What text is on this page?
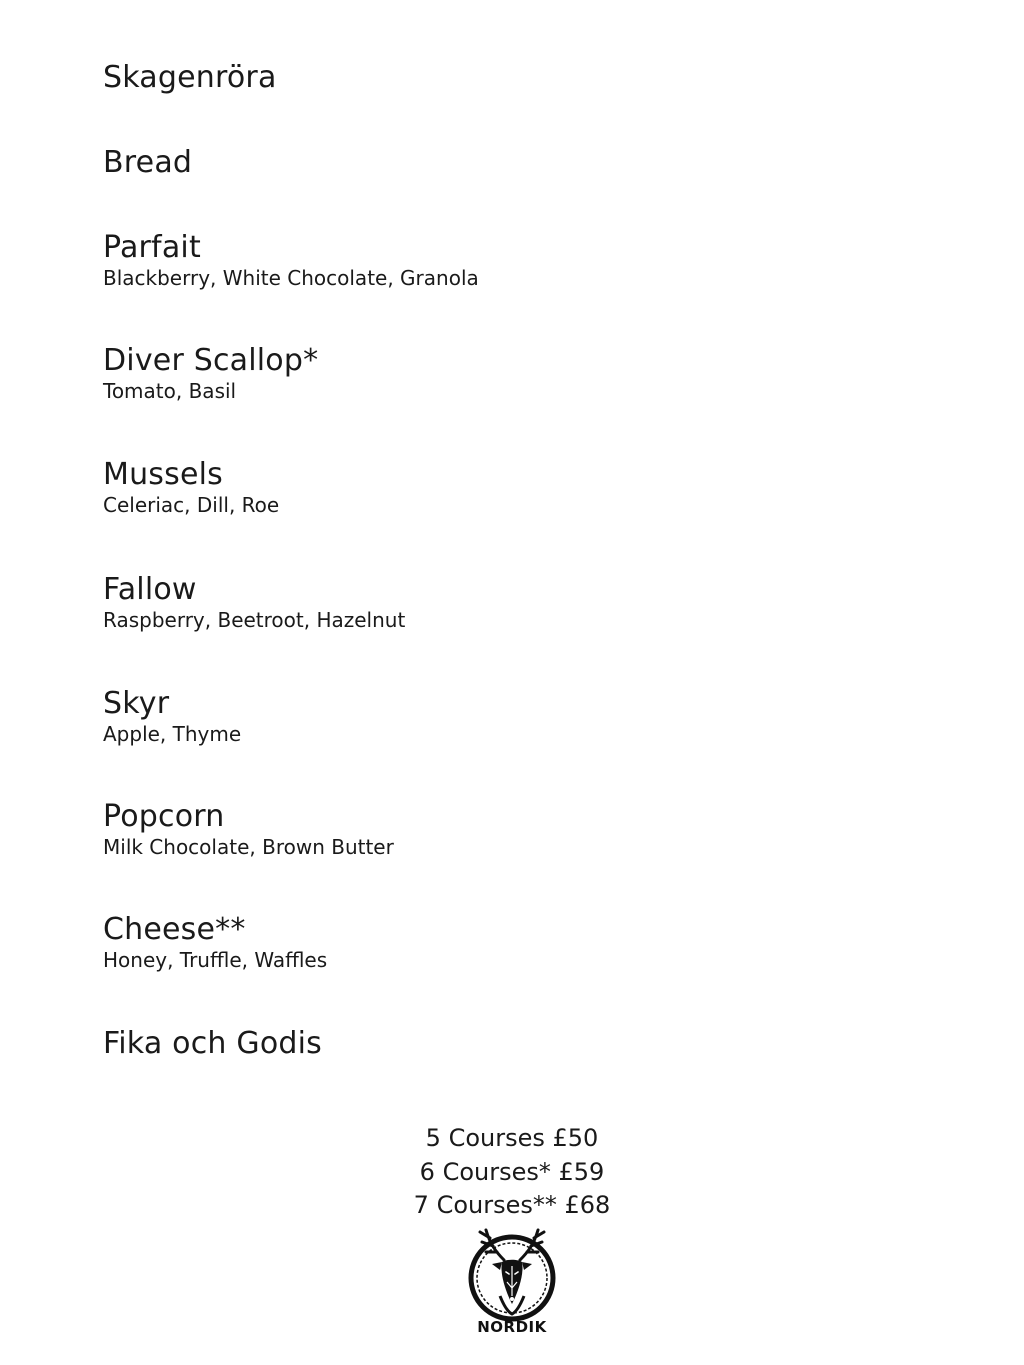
Skagenröra
Bread
Parfait
Blackberry, White Chocolate, Granola
Diver Scallop*
Tomato, Basil
Mussels
Celeriac, Dill, Roe
Fallow
Raspberry, Beetroot, Hazelnut
Skyr
Apple, Thyme
Popcorn
Milk Chocolate, Brown Butter
Cheese**
Honey, Truffle, Waffles
Fika och Godis
5 Courses £50
6 Courses* £59
7 Courses** £68
NORDIK
